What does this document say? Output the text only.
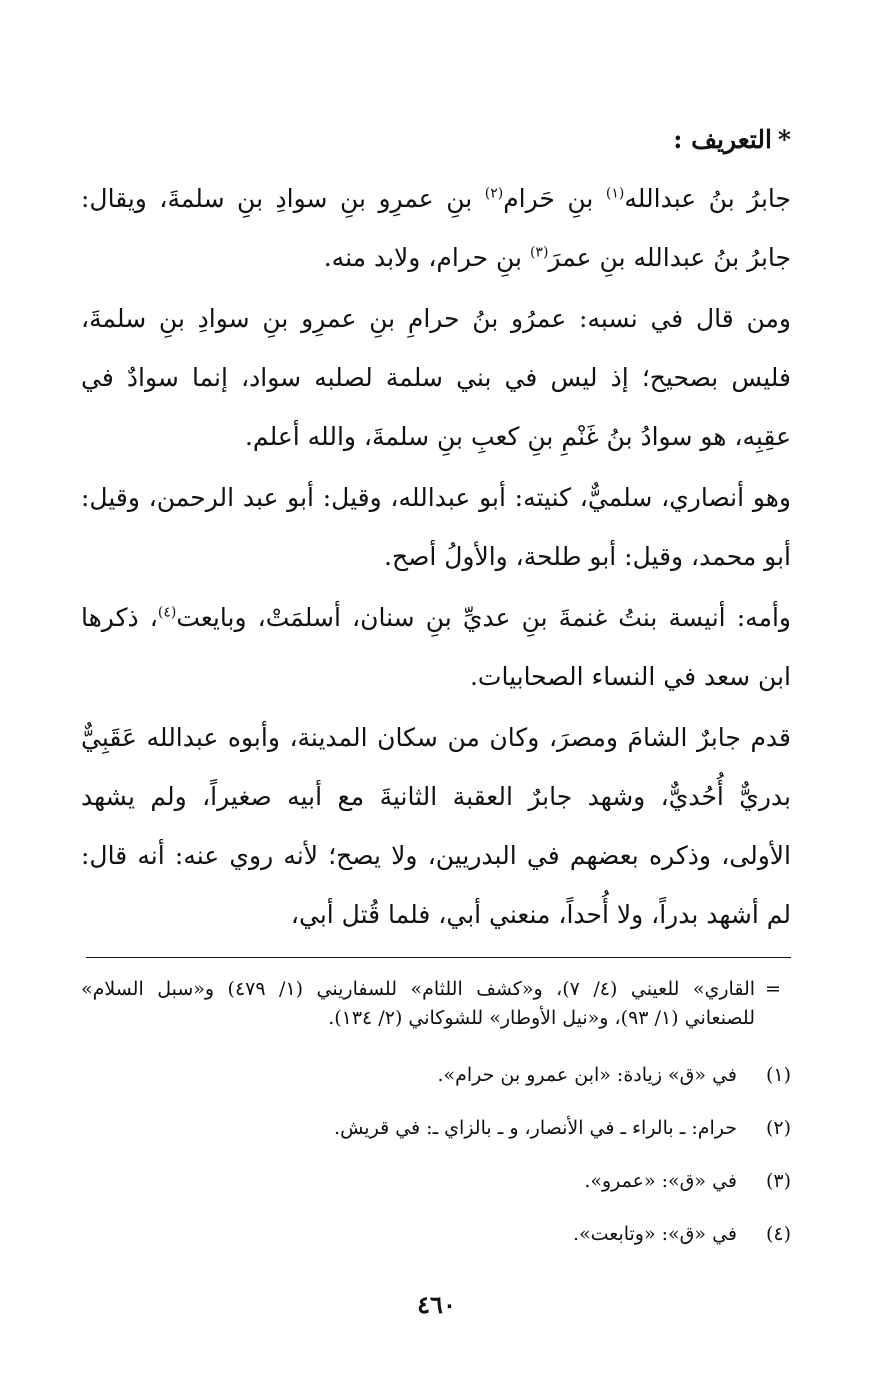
*التعريف :

جابرُ بنُ عبدالله$^{(١)}$ بنِ حَرام$^{(٢)}$ بنِ عمرِو بنِ سوادِ بنِ سلمةَ، ويقال: جابرُ بنُ عبدالله بنِ عمرَ$^{(٣)}$ بنِ حرام، ولابد منه.

ومن قال في نسبه: عمرُو بنُ حرامِ بنِ عمرِو بنِ سوادِ بنِ سلمةَ، فليس بصحيح؛ إذ ليس في بني سلمة لصلبه سواد، إنما سوادٌ في عقِبِه، هو سوادُ بنُ غَنْمِ بنِ كعبِ بنِ سلمةَ، والله أعلم.

وهو أنصاري، سلميٌّ، كنيته: أبو عبدالله، وقيل: أبو عبد الرحمن، وقيل: أبو محمد، وقيل: أبو طلحة، والأولُ أصح.

وأمه: أنيسة بنتُ غنمةَ بنِ عديِّ بنِ سنان، أسلمَتْ، وبايعت$^{(٤)}$، ذكرها ابن سعد في النساء الصحابيات.

قدم جابرٌ الشامَ ومصرَ، وكان من سكان المدينة، وأبوه عبدالله عَقَبِيٌّ بدريٌّ أُحُديٌّ، وشهد جابرٌ العقبة الثانيةَ مع أبيه صغيراً، ولم يشهد الأولى، وذكره بعضهم في البدريين، ولا يصح؛ لأنه روي عنه: أنه قال: لم أشهد بدراً، ولا أُحداً، منعني أبي، فلما قُتل أبي،

=
القاري» للعيني (٤/ ٧)، و«كشف اللثام» للسفاريني (١/ ٤٧٩) و«سبل السلام» للصنعاني (١/ ٩٣)، و«نيل الأوطار» للشوكاني (٢/ ١٣٤).
(١)
في «ق» زيادة: «ابن عمرو بن حرام».
(٢)
حرام: ـ بالراء ـ في الأنصار، و ـ بالزاي ـ: في قريش.
(٣)
في «ق»: «عمرو».
(٤)
في «ق»: «وتابعت».
٤٦٠
